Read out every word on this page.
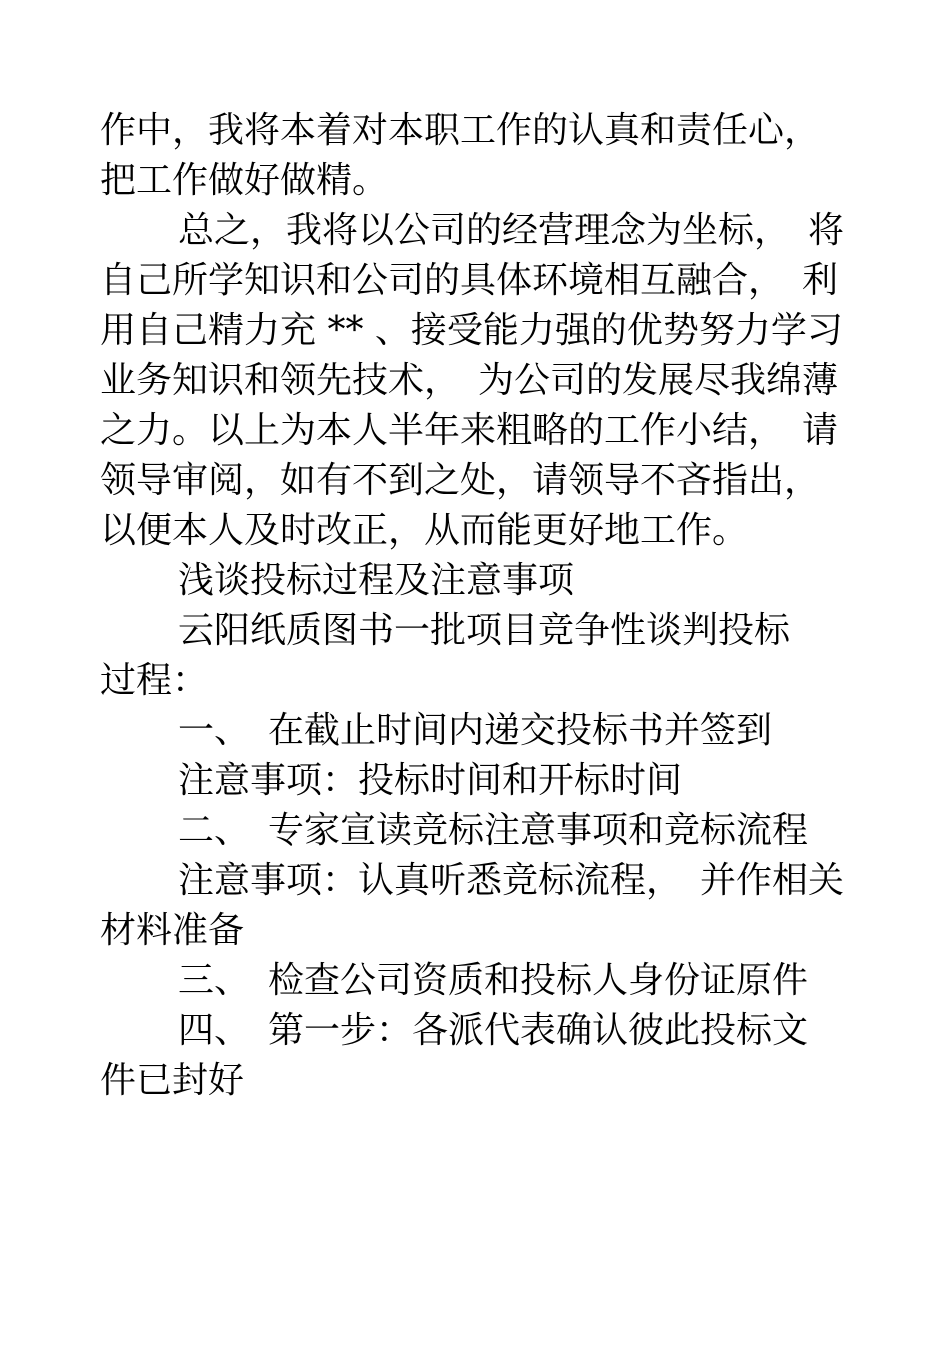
作中，我将本着对本职工作的认真和责任心，
把工作做好做精。
总之，我将以公司的经营理念为坐标，　将
自己所学知识和公司的具体环境相互融合，　利
用自己精力充 ** 、接受能力强的优势努力学习
业务知识和领先技术，　为公司的发展尽我绵薄
之力。以上为本人半年来粗略的工作小结，　请
领导审阅，如有不到之处，请领导不吝指出，
以便本人及时改正，从而能更好地工作。
浅谈投标过程及注意事项
云阳纸质图书一批项目竞争性谈判投标
过程：
一、　在截止时间内递交投标书并签到
注意事项：投标时间和开标时间
二、　专家宣读竞标注意事项和竞标流程
注意事项：认真听悉竞标流程，　并作相关
材料准备
三、　检查公司资质和投标人身份证原件
四、　第一步：各派代表确认彼此投标文
件已封好
